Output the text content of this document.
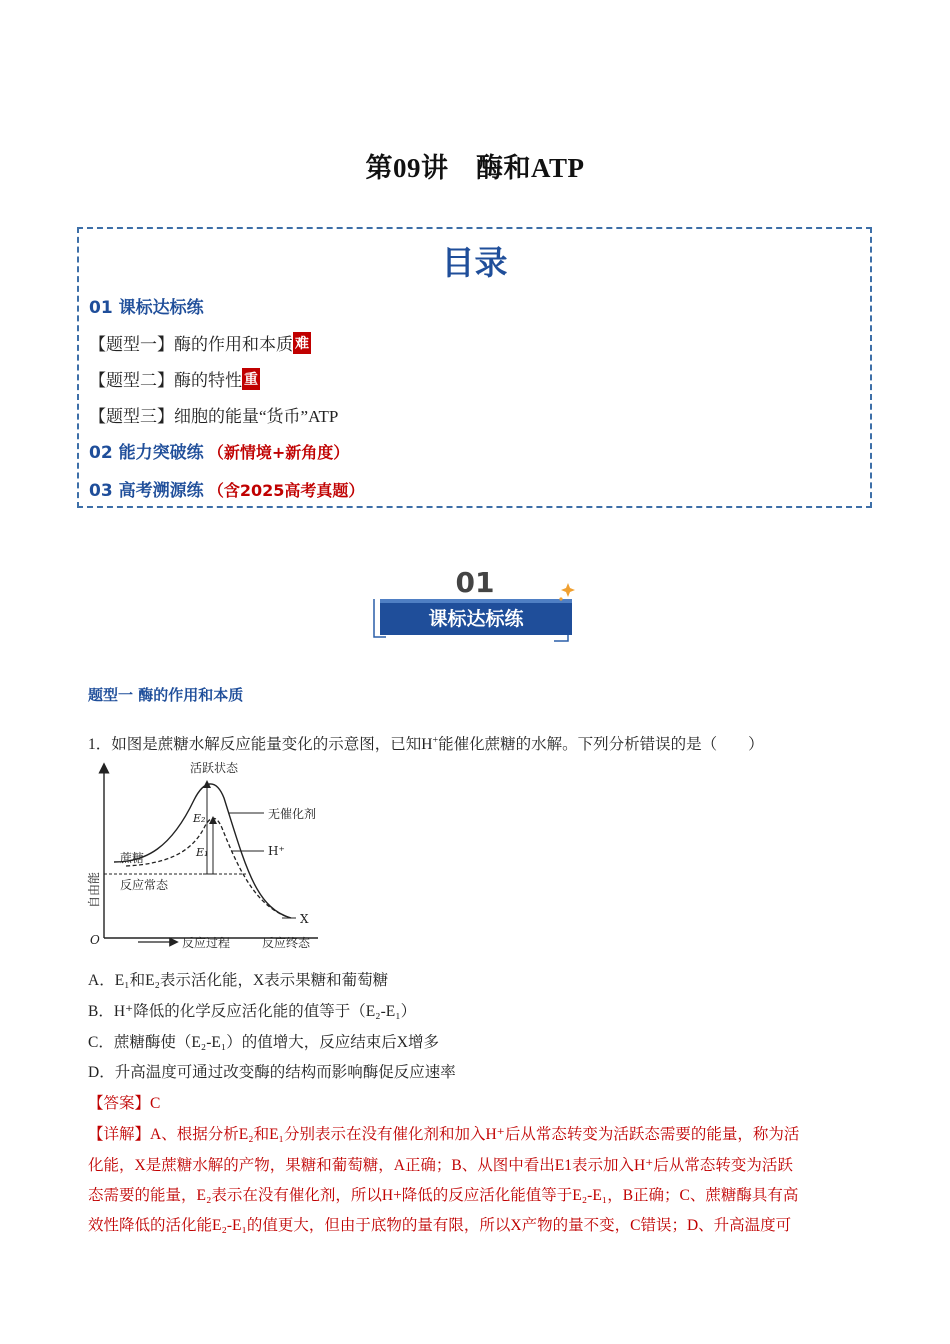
第09讲　酶和ATP
目录
01 课标达标练
【题型一】酶的作用和本质 难
【题型二】酶的特性 重
【题型三】细胞的能量“货币”ATP
02 能力突破练 （新情境+新角度）
03 高考溯源练 （含2025高考真题）
01
课标达标练
题型一 酶的作用和本质
1．如图是蔗糖水解反应能量变化的示意图，已知H+能催化蔗糖的水解。下列分析错误的是（　　）
活跃状态
无催化剂
H⁺
蔗糖
反应常态
E₂
E₁
X
O	反应过程	反应终态
自由能
A．E₁和E₂表示活化能，X表示果糖和葡萄糖
B．H⁺降低的化学反应活化能的值等于（E₂-E₁）
C．蔗糖酶使（E₂-E₁）的值增大，反应结束后X增多
D．升高温度可通过改变酶的结构而影响酶促反应速率
【答案】C
【详解】A、根据分析E₂和E₁分别表示在没有催化剂和加入H⁺后从常态转变为活跃态需要的能量，称为活
化能，X是蔗糖水解的产物，果糖和葡萄糖，A正确；B、从图中看出E1表示加入H⁺后从常态转变为活跃
态需要的能量，E₂表示在没有催化剂，所以H+降低的反应活化能值等于E₂-E₁，B正确；C、蔗糖酶具有高
效性降低的活化能E₂-E₁的值更大，但由于底物的量有限，所以X产物的量不变，C错误；D、升高温度可
